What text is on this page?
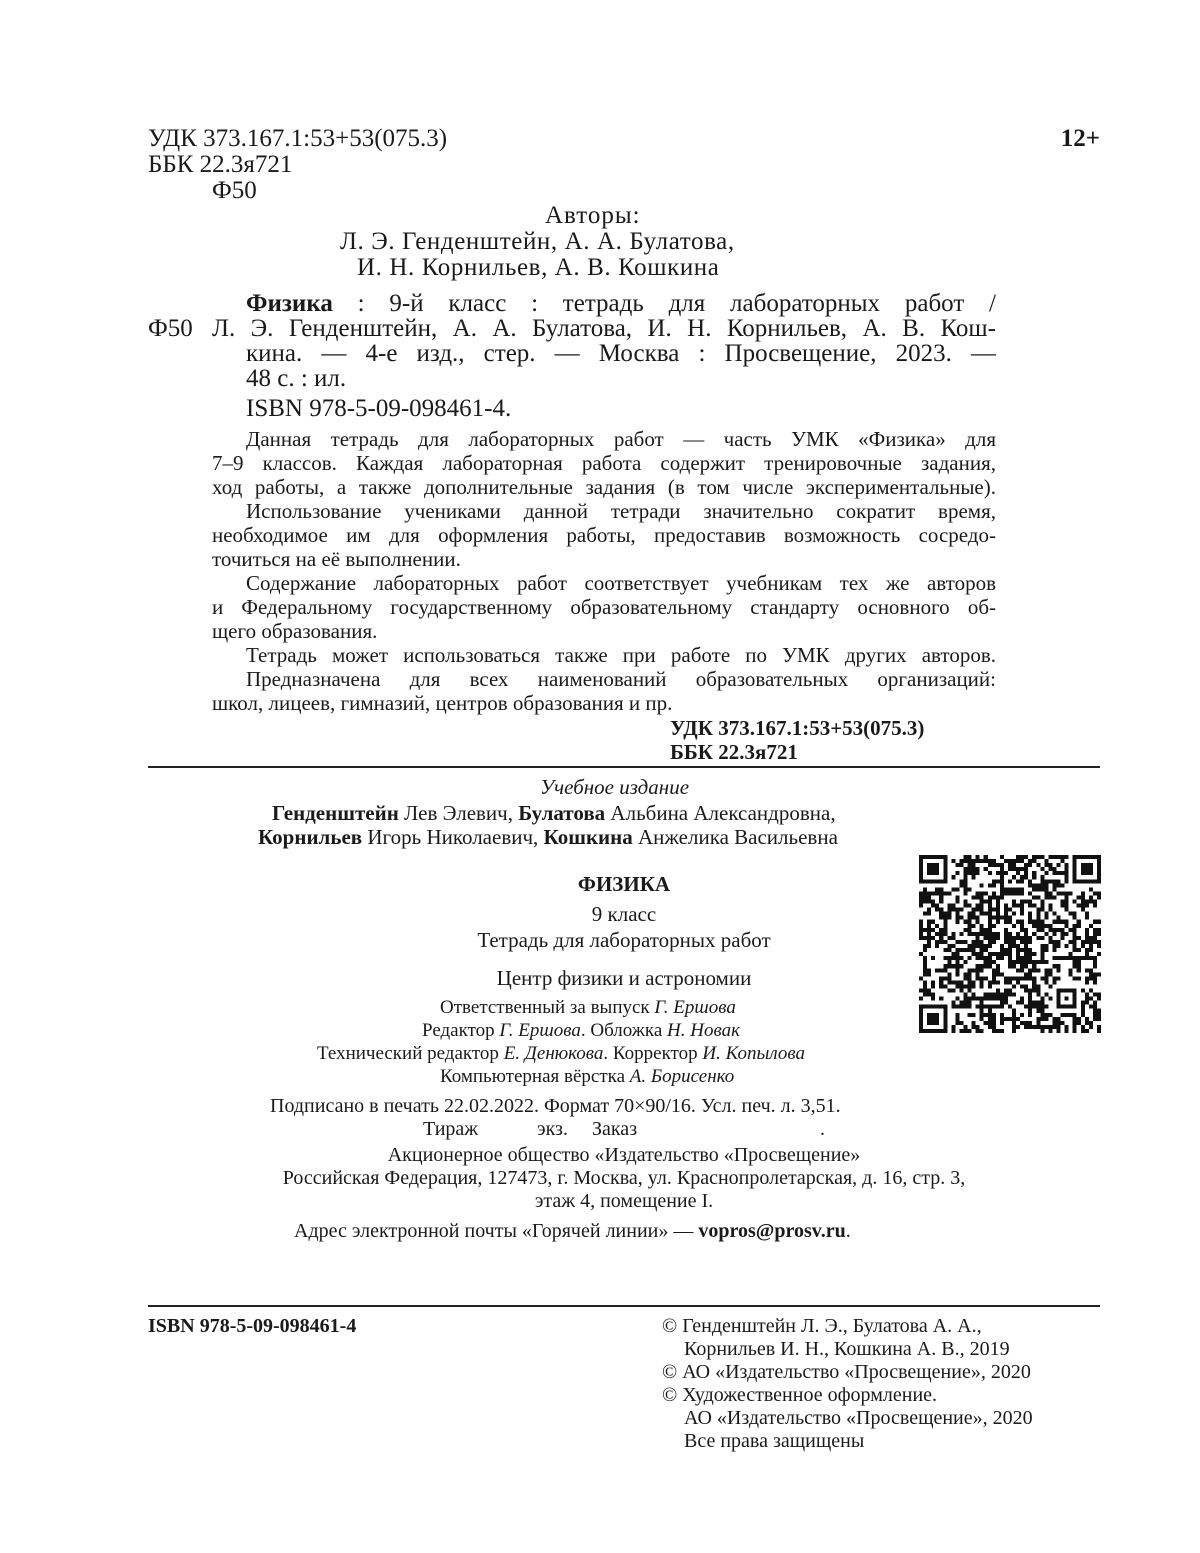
УДК 373.167.1:53+53(075.3)
ББК 22.3я721
Ф50
12+
Авторы:
Л. Э. Генденштейн, А. А. Булатова,
И. Н. Корнильев, А. В. Кошкина
Ф50
Физика : 9-й класс : тетрадь для лабораторных работ /
Л. Э. Генденштейн, А. А. Булатова, И. Н. Корнильев, А. В. Кош-
кина. — 4-е изд., стер. — Москва : Просвещение, 2023. —
48 с. : ил.
ISBN 978-5-09-098461-4.
Данная тетрадь для лабораторных работ — часть УМК «Физика» для
7–9 классов. Каждая лабораторная работа содержит тренировочные задания,
ход работы, а также дополнительные задания (в том числе экспериментальные).
Использование учениками данной тетради значительно сократит время,
необходимое им для оформления работы, предоставив возможность сосредо-
точиться на её выполнении.
Содержание лабораторных работ соответствует учебникам тех же авторов
и Федеральному государственному образовательному стандарту основного об-
щего образования.
Тетрадь может использоваться также при работе по УМК других авторов.
Предназначена для всех наименований образовательных организаций:
школ, лицеев, гимназий, центров образования и пр.
УДК 373.167.1:53+53(075.3)
ББК 22.3я721
Учебное издание
Генденштейн Лев Элевич, Булатова Альбина Александровна,
Корнильев Игорь Николаевич, Кошкина Анжелика Васильевна
ФИЗИКА
9 класс
Тетрадь для лабораторных работ
Центр физики и астрономии
Ответственный за выпуск Г. Ершова
Редактор Г. Ершова. Обложка Н. Новак
Технический редактор Е. Денюкова. Корректор И. Копылова
Компьютерная вёрстка А. Борисенко
Подписано в печать 22.02.2022. Формат 70×90/16. Усл. печ. л. 3,51.
Тираж	экз. Заказ	.
Акционерное общество «Издательство «Просвещение»
Российская Федерация, 127473, г. Москва, ул. Краснопролетарская, д. 16, стр. 3,
этаж 4, помещение I.
Адрес электронной почты «Горячей линии» — vopros@prosv.ru.
ISBN 978-5-09-098461-4	© Генденштейн Л. Э., Булатова А. А.,
Корнильев И. Н., Кошкина А. В., 2019
© АО «Издательство «Просвещение», 2020
© Художественное оформление.
АО «Издательство «Просвещение», 2020
Все права защищены
